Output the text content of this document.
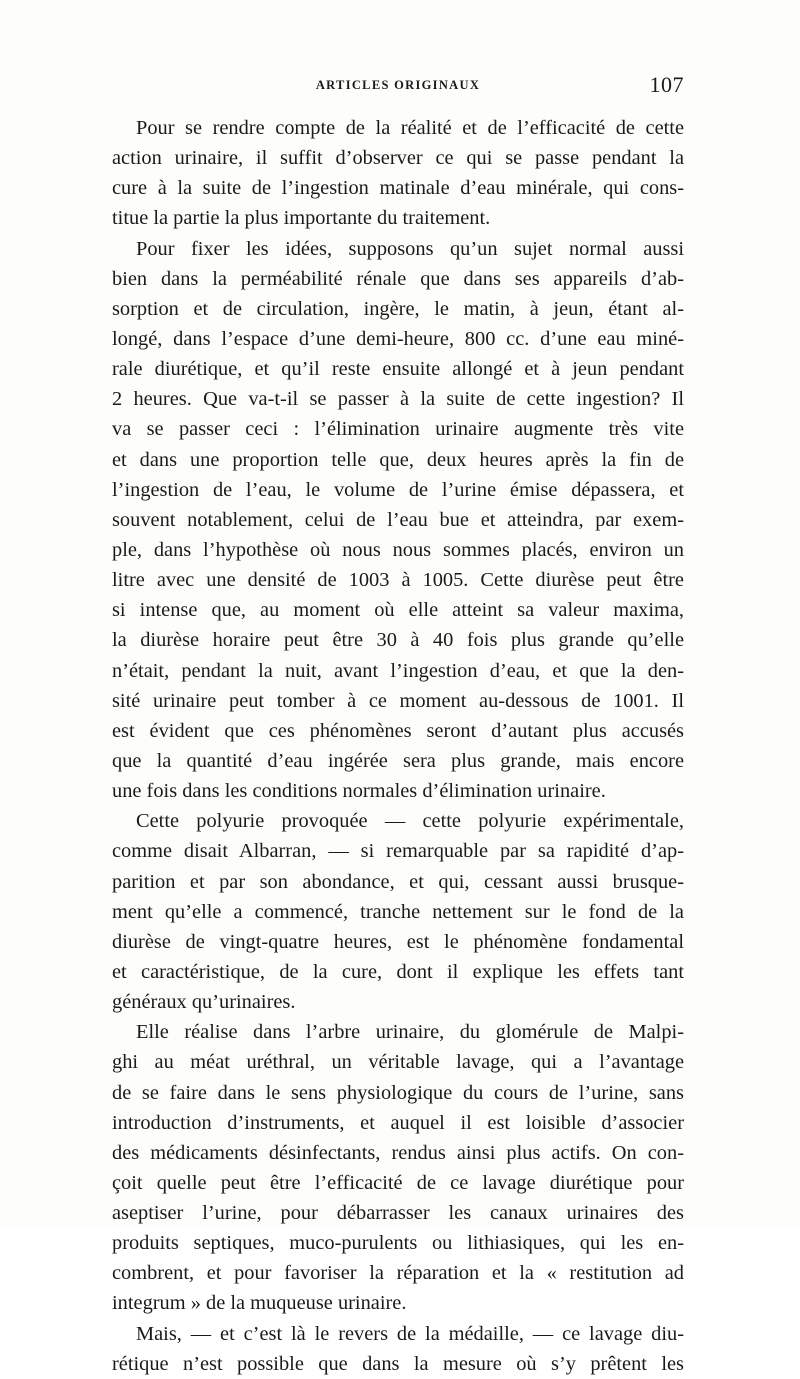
ARTICLES ORIGINAUX	107
Pour se rendre compte de la réalité et de l’efficacité de cette
action urinaire, il suffit d’observer ce qui se passe pendant la
cure à la suite de l’ingestion matinale d’eau minérale, qui cons-
titue la partie la plus importante du traitement.
Pour fixer les idées, supposons qu’un sujet normal aussi
bien dans la perméabilité rénale que dans ses appareils d’ab-
sorption et de circulation, ingère, le matin, à jeun, étant al-
longé, dans l’espace d’une demi-heure, 800 cc. d’une eau miné-
rale diurétique, et qu’il reste ensuite allongé et à jeun pendant
2 heures. Que va-t-il se passer à la suite de cette ingestion? Il
va se passer ceci : l’élimination urinaire augmente très vite
et dans une proportion telle que, deux heures après la fin de
l’ingestion de l’eau, le volume de l’urine émise dépassera, et
souvent notablement, celui de l’eau bue et atteindra, par exem-
ple, dans l’hypothèse où nous nous sommes placés, environ un
litre avec une densité de 1003 à 1005. Cette diurèse peut être
si intense que, au moment où elle atteint sa valeur maxima,
la diurèse horaire peut être 30 à 40 fois plus grande qu’elle
n’était, pendant la nuit, avant l’ingestion d’eau, et que la den-
sité urinaire peut tomber à ce moment au-dessous de 1001. Il
est évident que ces phénomènes seront d’autant plus accusés
que la quantité d’eau ingérée sera plus grande, mais encore
une fois dans les conditions normales d’élimination urinaire.
Cette polyurie provoquée — cette polyurie expérimentale,
comme disait Albarran, — si remarquable par sa rapidité d’ap-
parition et par son abondance, et qui, cessant aussi brusque-
ment qu’elle a commencé, tranche nettement sur le fond de la
diurèse de vingt-quatre heures, est le phénomène fondamental
et caractéristique, de la cure, dont il explique les effets tant
généraux qu’urinaires.
Elle réalise dans l’arbre urinaire, du glomérule de Malpi-
ghi au méat uréthral, un véritable lavage, qui a l’avantage
de se faire dans le sens physiologique du cours de l’urine, sans
introduction d’instruments, et auquel il est loisible d’associer
des médicaments désinfectants, rendus ainsi plus actifs. On con-
çoit quelle peut être l’efficacité de ce lavage diurétique pour
aseptiser l’urine, pour débarrasser les canaux urinaires des
produits septiques, muco-purulents ou lithiasiques, qui les en-
combrent, et pour favoriser la réparation et la « restitution ad
integrum » de la muqueuse urinaire.
Mais, — et c’est là le revers de la médaille, — ce lavage diu-
rétique n’est possible que dans la mesure où s’y prêtent les
